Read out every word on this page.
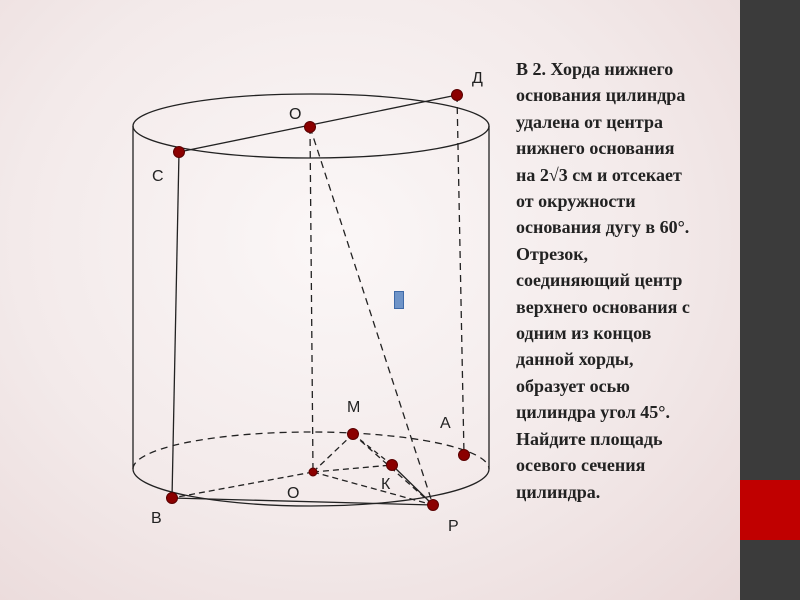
О
Д
С
М
А
О
К
В	Р
В 2. Хорда нижнего
основания цилиндра
удалена от центра
нижнего основания
на 2√3 см и отсекает
от окружности
основания дугу в 60°.
Отрезок,
соединяющий центр
верхнего основания с
одним из концов
данной хорды,
образует осью
цилиндра угол 45°.
Найдите площадь
осевого сечения
цилиндра.
